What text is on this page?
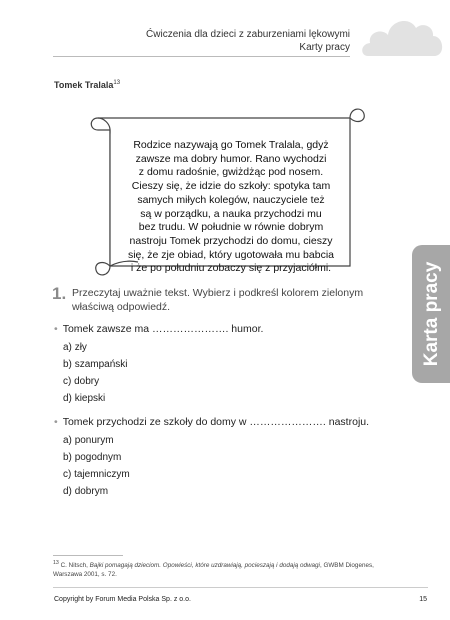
Ćwiczenia dla dzieci z zaburzeniami lękowymi
Karty pracy
Tomek Tralala$^{13}$
Rodzice nazywają go Tomek Tralala, gdyż
zawsze ma dobry humor. Rano wychodzi
z domu radośnie, gwiżdżąc pod nosem.
Cieszy się, że idzie do szkoły: spotyka tam
samych miłych kolegów, nauczyciele też
są w porządku, a nauka przychodzi mu
bez trudu. W południe w równie dobrym
nastroju Tomek przychodzi do domu, cieszy
się, że zje obiad, który ugotowała mu babcia
i że po południu zobaczy się z przyjaciółmi.
1. Przeczytaj uważnie tekst. Wybierz i podkreśl kolorem zielonym właściwą odpowiedź.
• Tomek zawsze ma …………………. humor.
a) zły
b) szampański
c) dobry
d) kiepski
• Tomek przychodzi ze szkoły do domy w …………………. nastroju.
a) ponurym
b) pogodnym
c) tajemniczym
d) dobrym
Karta pracy
$^{13}$ C. Nitsch, Bajki pomagają dzieciom. Opowieści, które uzdrawiają, pocieszają i dodają odwagi, GWBM Diogenes, Warszawa 2001, s. 72.
Copyright by Forum Media Polska Sp. z o.o.	15
